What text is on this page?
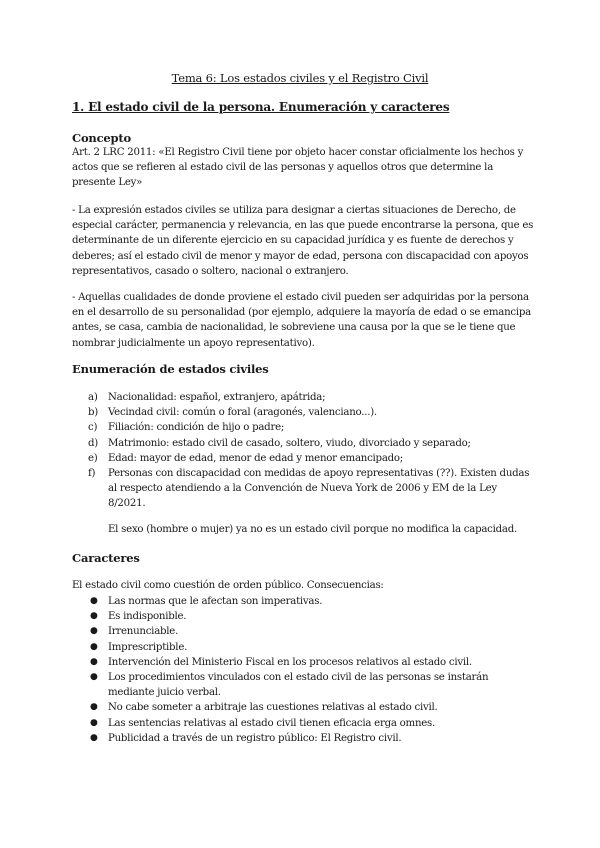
Tema 6: Los estados civiles y el Registro Civil
1. El estado civil de la persona. Enumeración y caracteres
Concepto
Art. 2 LRC 2011: «El Registro Civil tiene por objeto hacer constar oficialmente los hechos y actos que se refieren al estado civil de las personas y aquellos otros que determine la presente Ley»
- La expresión estados civiles se utiliza para designar a ciertas situaciones de Derecho, de especial carácter, permanencia y relevancia, en las que puede encontrarse la persona, que es determinante de un diferente ejercicio en su capacidad jurídica y es fuente de derechos y deberes; así el estado civil de menor y mayor de edad, persona con discapacidad con apoyos representativos, casado o soltero, nacional o extranjero.
- Aquellas cualidades de donde proviene el estado civil pueden ser adquiridas por la persona en el desarrollo de su personalidad (por ejemplo, adquiere la mayoría de edad o se emancipa antes, se casa, cambia de nacionalidad, le sobreviene una causa por la que se le tiene que nombrar judicialmente un apoyo representativo).
Enumeración de estados civiles
a) Nacionalidad: español, extranjero, apátrida;
b) Vecindad civil: común o foral (aragonés, valenciano...).
c) Filiación: condición de hijo o padre;
d) Matrimonio: estado civil de casado, soltero, viudo, divorciado y separado;
e) Edad: mayor de edad, menor de edad y menor emancipado;
f) Personas con discapacidad con medidas de apoyo representativas (??). Existen dudas al respecto atendiendo a la Convención de Nueva York de 2006 y EM de la Ley 8/2021.
El sexo (hombre o mujer) ya no es un estado civil porque no modifica la capacidad.
Caracteres
El estado civil como cuestión de orden público. Consecuencias:
● Las normas que le afectan son imperativas.
● Es indisponible.
● Irrenunciable.
● Imprescriptible.
● Intervención del Ministerio Fiscal en los procesos relativos al estado civil.
● Los procedimientos vinculados con el estado civil de las personas se instarán mediante juicio verbal.
● No cabe someter a arbitraje las cuestiones relativas al estado civil.
● Las sentencias relativas al estado civil tienen eficacia erga omnes.
● Publicidad a través de un registro público: El Registro civil.
